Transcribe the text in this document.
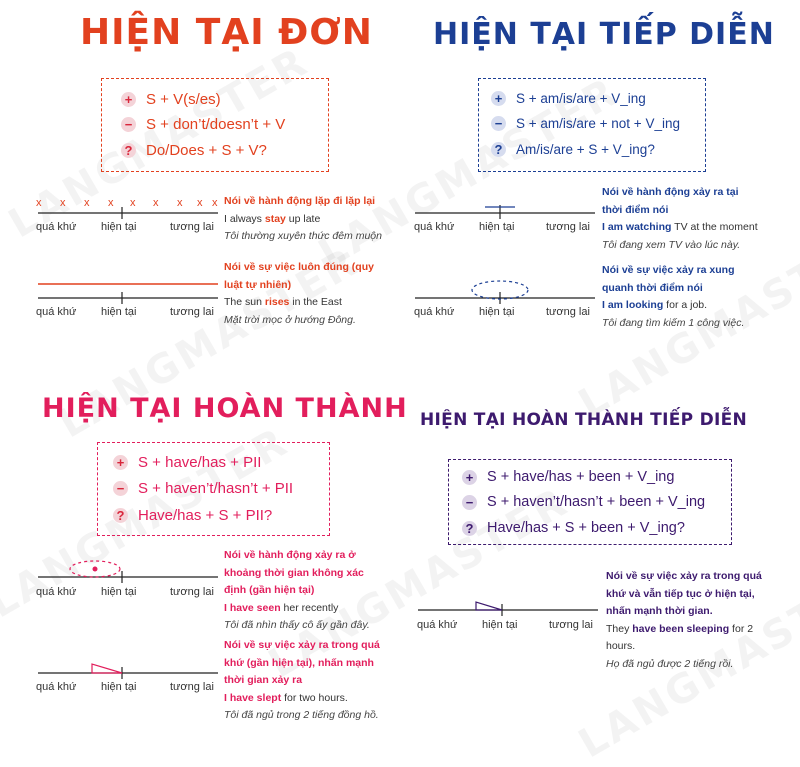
HIỆN TẠI ĐƠN
+ S + V(s/es)
− S + don’t/doesn’t + V
? Do/Does + S + V?
x x x x x x x x x
quá khứ hiện tại	tương lai

Nói về hành động lặp đi lặp lại

I always stay up late

Tôi thường xuyên thức đêm muộn

quá khứ hiện tại	tương lai

Nói về sự việc luôn đúng (quy

luật tự nhiên)

The sun rises in the East

Mặt trời mọc ở hướng Đông.

HIỆN TẠI TIẾP DIỄN
+ S + am/is/are + V_ing
− S + am/is/are + not + V_ing
? Am/is/are + S + V_ing?
quá khứ hiện tại	tương lai

Nói về hành động xảy ra tại

thời điểm nói

I am watching TV at the moment

Tôi đang xem TV vào lúc này.

quá khứ hiện tại	tương lai

Nói về sự việc xảy ra xung

quanh thời điểm nói

I am looking for a job.

Tôi đang tìm kiếm 1 công việc.

HIỆN TẠI HOÀN THÀNH
+ S + have/has + PII
− S + haven’t/hasn’t + PII
? Have/has + S + PII?
quá khứ hiện tại	tương lai

Nói về hành động xảy ra ở

khoảng thời gian không xác

định (gần hiện tại)

I have seen her recently

Tôi đã nhìn thấy cô ấy gần đây.

quá khứ hiện tại	tương lai

Nói về sự việc xảy ra trong quá

khứ (gần hiện tại), nhấn mạnh

thời gian xảy ra

I have slept for two hours.

Tôi đã ngủ trong 2 tiếng đồng hồ.

HIỆN TẠI HOÀN THÀNH TIẾP DIỄN
+ S + have/has + been + V_ing
− S + haven’t/hasn’t + been + V_ing
? Have/has + S + been + V_ing?
quá khứ hiện tại	tương lai

Nói về sự việc xảy ra trong quá

khứ và vẫn tiếp tục ở hiện tại,

nhấn mạnh thời gian.

They have been sleeping for 2

hours.

Họ đã ngủ được 2 tiếng rồi.
